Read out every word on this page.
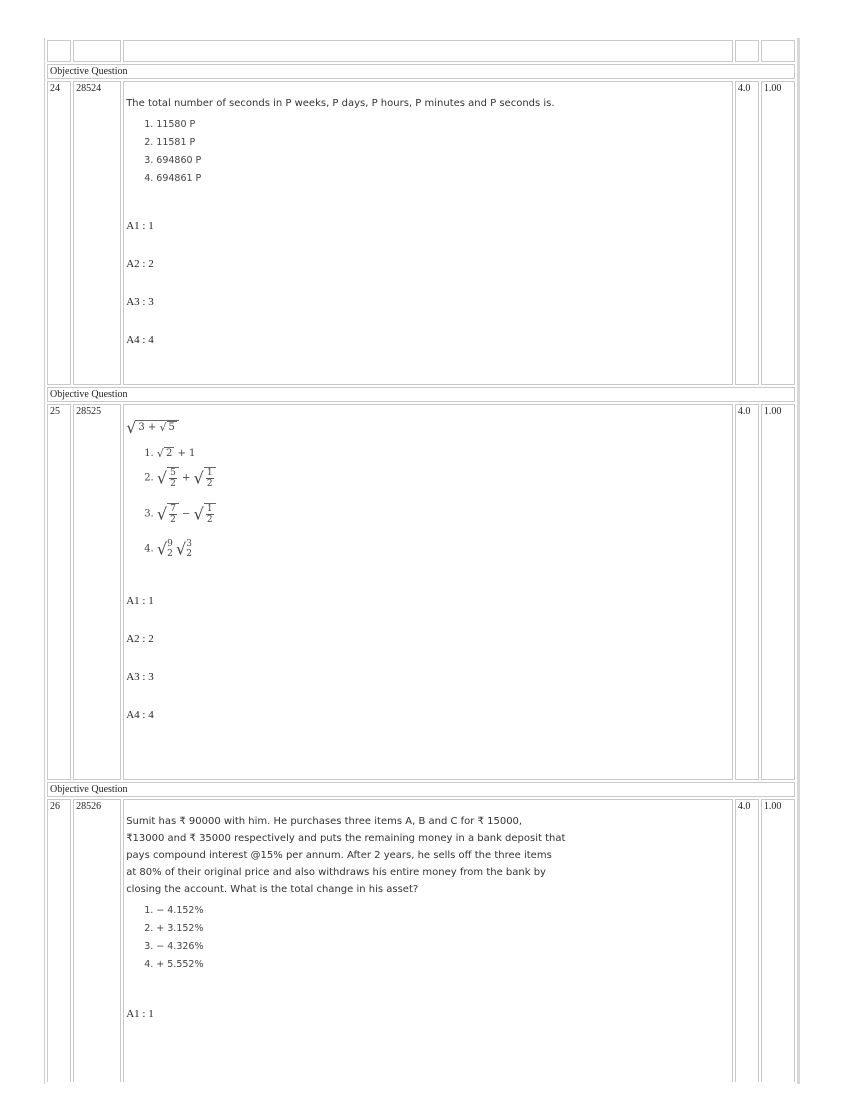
Objective Question				
24	28524	
The total number of seconds in P weeks, P days, P hours, P minutes and P seconds is.
1. 11580 P
2. 11581 P
3. 694860 P
4. 694861 P

A1 : 1

A2 : 2

A3 : 3

A4 : 4

	4.0	1.00
Objective Question				
25	28525	
√ 3 + √ 5
1. √ 2 + 1
2. √ $\frac{5}{2}$ + √ $\frac{1}{2}$
3. √ $\frac{7}{2}$ − √ $\frac{1}{2}$
4. √ 9
2 √ 3
2

A1 : 1

A2 : 2

A3 : 3

A4 : 4

	4.0	1.00
Objective Question				
26	28526	
Sumit has ₹ 90000 with him. He purchases three items A, B and C for ₹ 15000,
₹13000 and ₹ 35000 respectively and puts the remaining money in a bank deposit that
pays compound interest @15% per annum. After 2 years, he sells off the three items
at 80% of their original price and also withdraws his entire money from the bank by
closing the account. What is the total change in his asset?
1. − 4.152%
2. + 3.152%
3. − 4.326%
4. + 5.552%

A1 : 1

	4.0	1.00
